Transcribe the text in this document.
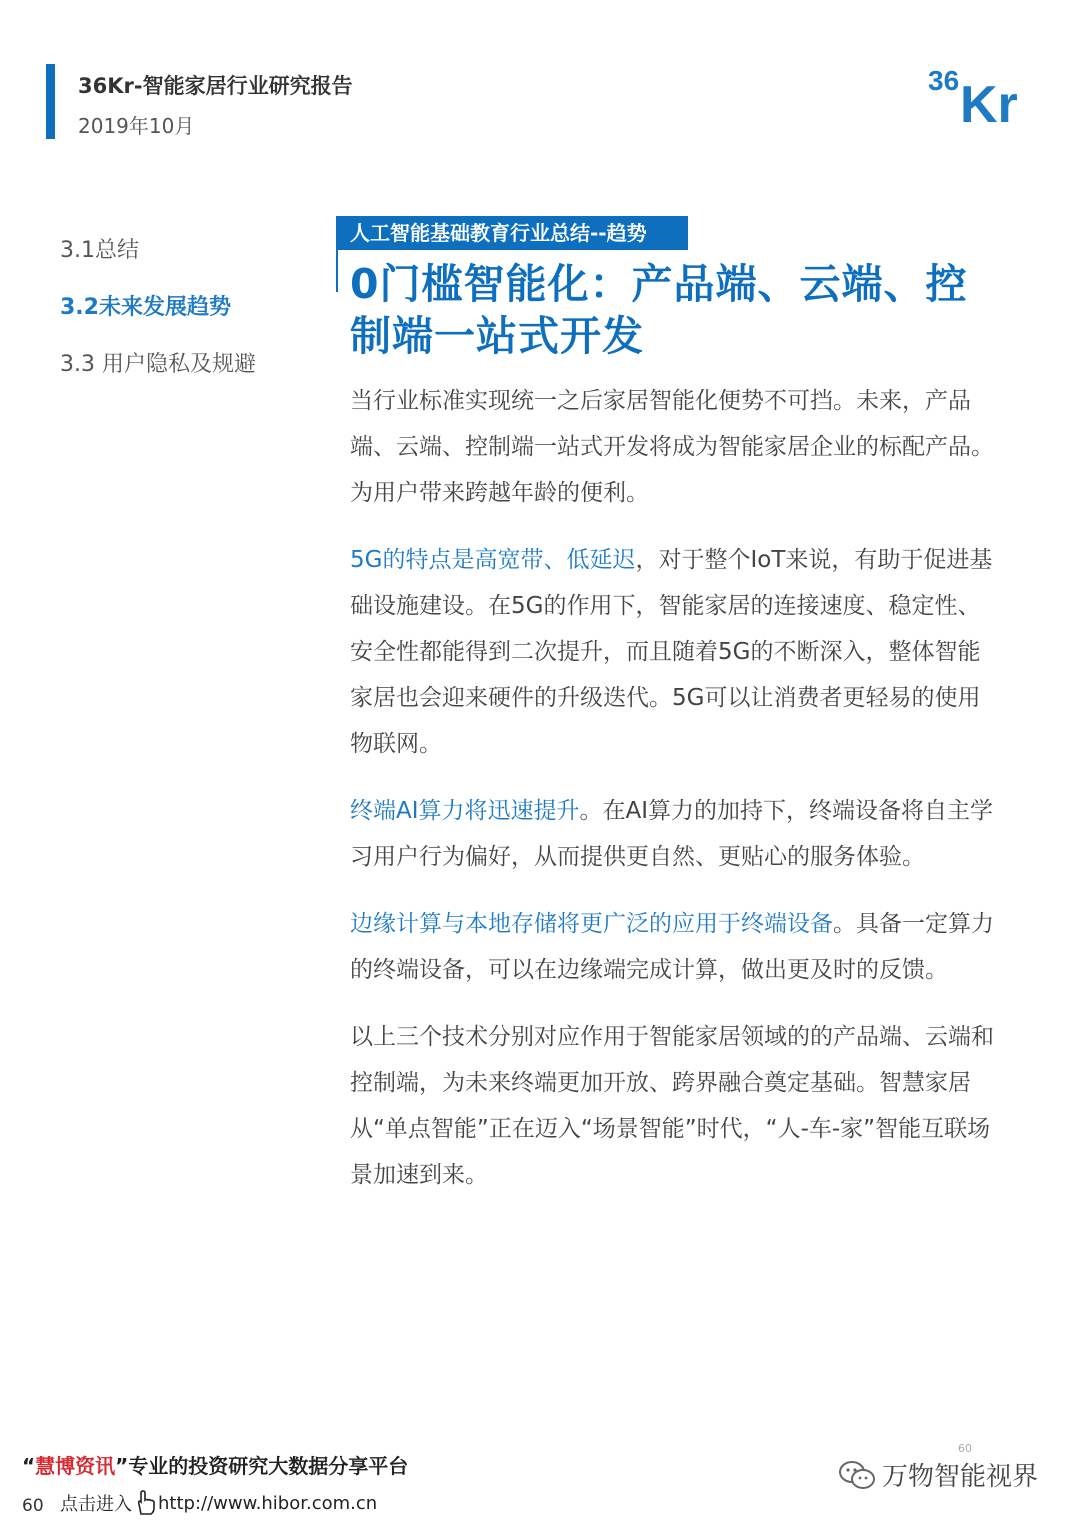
36Kr-智能家居行业研究报告
2019年10月
36 Kr
3.1总结
3.2未来发展趋势
3.3 用户隐私及规避
人工智能基础教育行业总结--趋势
0门槛智能化：产品端、云端、控
制端一站式开发

当行业标准实现统一之后家居智能化便势不可挡。未来，产品端、云端、控制端一站式开发将成为智能家居企业的标配产品。为用户带来跨越年龄的便利。

5G的特点是高宽带、低延迟，对于整个IoT来说，有助于促进基础设施建设。在5G的作用下，智能家居的连接速度、稳定性、安全性都能得到二次提升，而且随着5G的不断深入，整体智能家居也会迎来硬件的升级迭代。5G可以让消费者更轻易的使用物联网。

终端AI算力将迅速提升。在AI算力的加持下，终端设备将自主学习用户行为偏好，从而提供更自然、更贴心的服务体验。

边缘计算与本地存储将更广泛的应用于终端设备。具备一定算力的终端设备，可以在边缘端完成计算，做出更及时的反馈。

以上三个技术分别对应作用于智能家居领域的的产品端、云端和控制端，为未来终端更加开放、跨界融合奠定基础。智慧家居从“单点智能”正在迈入“场景智能”时代，“人-车-家”智能互联场景加速到来。

60
“慧博资讯”专业的投资研究大数据分享平台
60 点击进入 http://www.hibor.com.cn
万物智能视界
